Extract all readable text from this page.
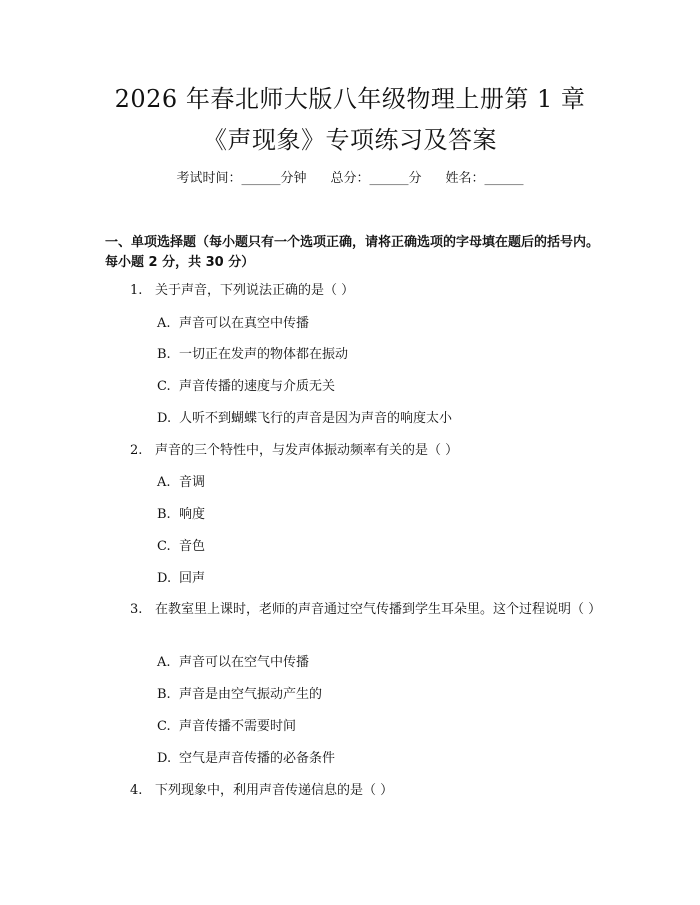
2026 年春北师大版八年级物理上册第 1 章
《声现象》专项练习及答案
考试时间：______分钟 总分：______分 姓名：______
一、单项选择题（每小题只有一个选项正确，请将正确选项的字母填在题后的括号内。每小题 2 分，共 30 分）
1. 关于声音，下列说法正确的是（ ）
A. 声音可以在真空中传播
B. 一切正在发声的物体都在振动
C. 声音传播的速度与介质无关
D. 人听不到蝴蝶飞行的声音是因为声音的响度太小
2. 声音的三个特性中，与发声体振动频率有关的是（ ）
A. 音调
B. 响度
C. 音色
D. 回声
3. 在教室里上课时，老师的声音通过空气传播到学生耳朵里。这个过程说明（ ）
A. 声音可以在空气中传播
B. 声音是由空气振动产生的
C. 声音传播不需要时间
D. 空气是声音传播的必备条件
4. 下列现象中，利用声音传递信息的是（ ）
